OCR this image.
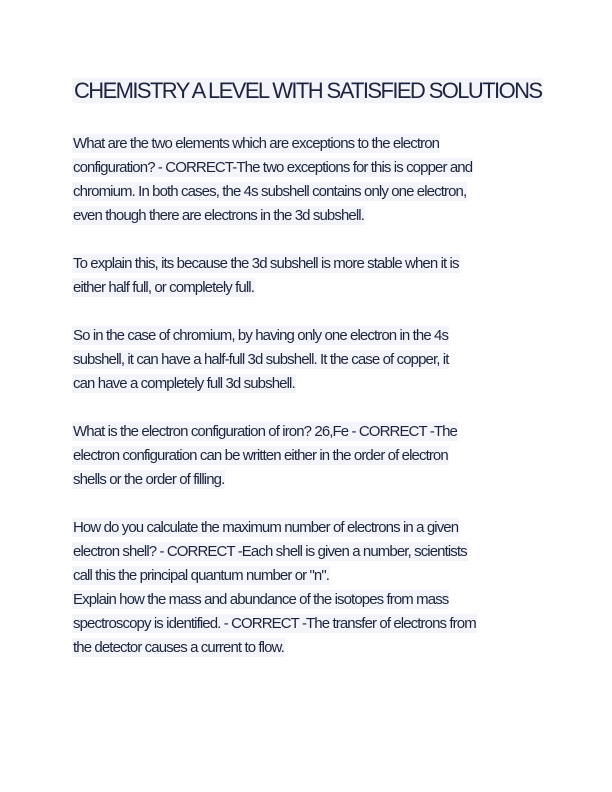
CHEMISTRY A LEVEL WITH SATISFIED SOLUTIONS
What are the two elements which are exceptions to the electron
configuration? - CORRECT-The two exceptions for this is copper and
chromium. In both cases, the 4s subshell contains only one electron,
even though there are electrons in the 3d subshell.
To explain this, its because the 3d subshell is more stable when it is
either half full, or completely full.
So in the case of chromium, by having only one electron in the 4s
subshell, it can have a half-full 3d subshell. It the case of copper, it
can have a completely full 3d subshell.
What is the electron configuration of iron? 26,Fe - CORRECT -The
electron configuration can be written either in the order of electron
shells or the order of filling.
How do you calculate the maximum number of electrons in a given
electron shell? - CORRECT -Each shell is given a number, scientists
call this the principal quantum number or "n".
Explain how the mass and abundance of the isotopes from mass
spectroscopy is identified. - CORRECT -The transfer of electrons from
the detector causes a current to flow.
